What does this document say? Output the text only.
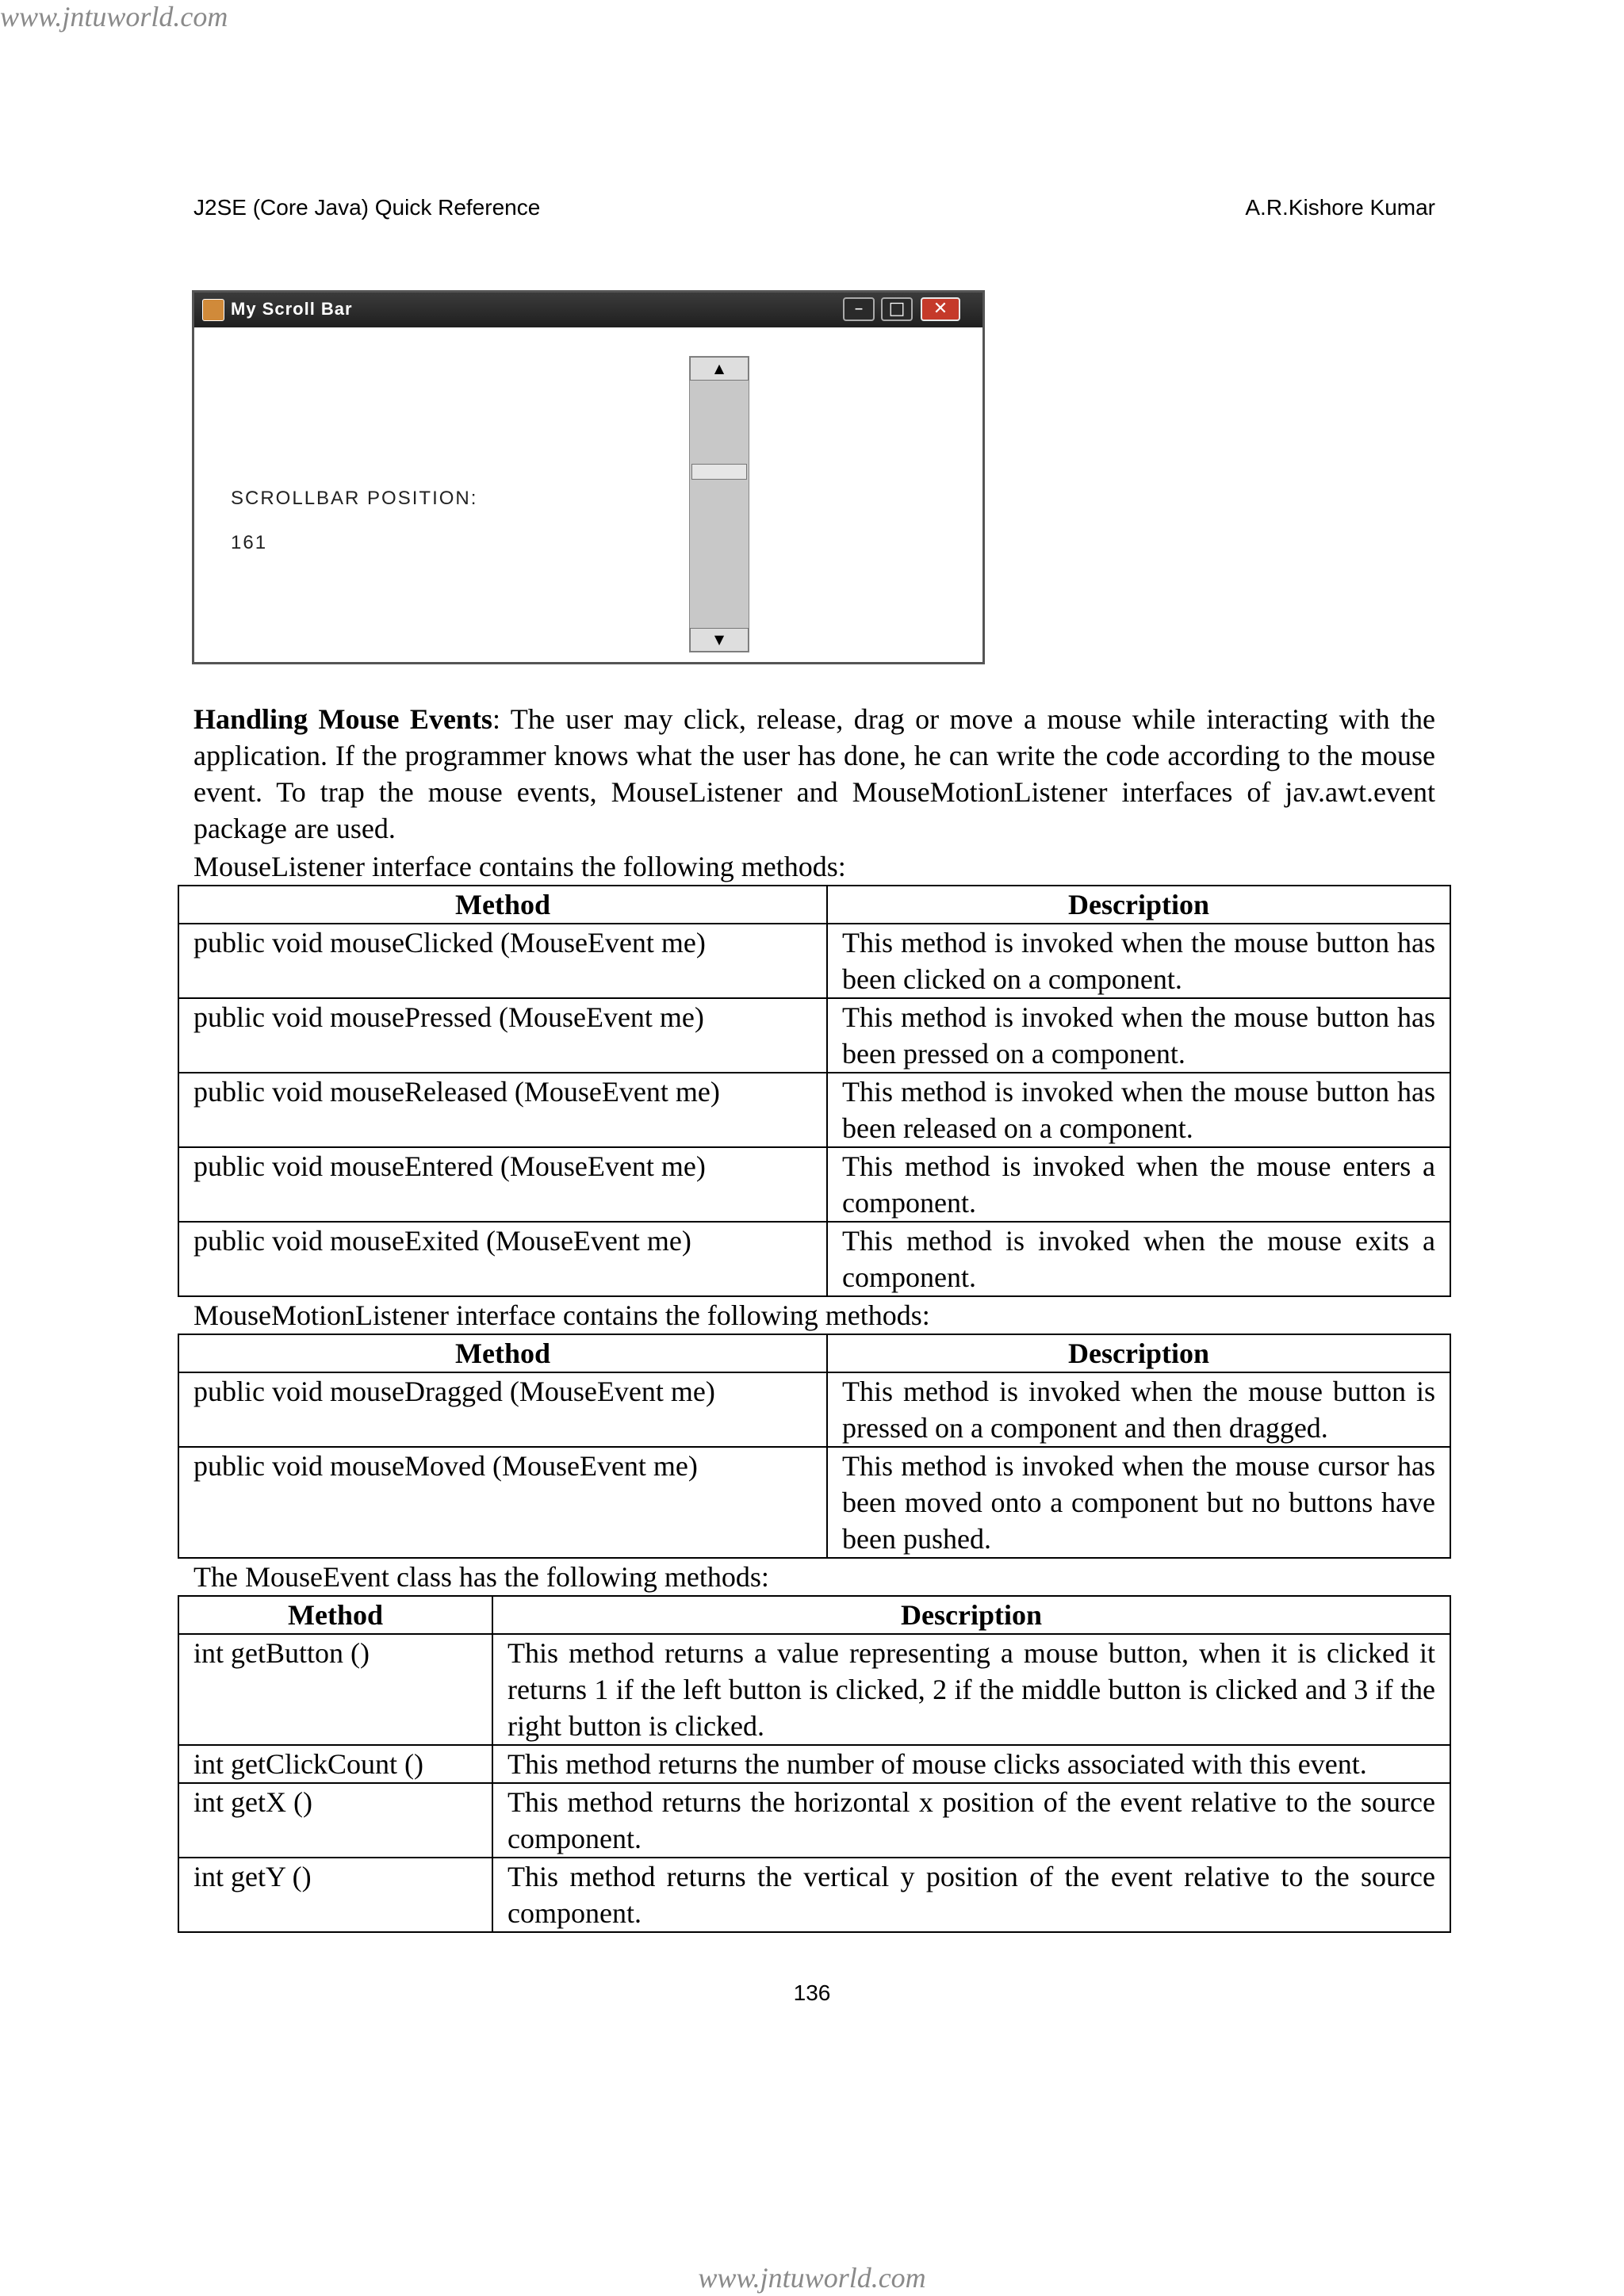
www.jntuworld.com
J2SE (Core Java) Quick Reference	A.R.Kishore Kumar
My Scroll Bar	–	□	✕
SCROLLBAR POSITION:
161
▲
▼
Handling Mouse Events: The user may click, release, drag or move a mouse while interacting with the application. If the programmer knows what the user has done, he can write the code according to the mouse event. To trap the mouse events, MouseListener and MouseMotionListener interfaces of jav.awt.event package are used.
MouseListener interface contains the following methods:
Method	Description
public void mouseClicked (MouseEvent me)	This method is invoked when the mouse button has been clicked on a component.
public void mousePressed (MouseEvent me)	This method is invoked when the mouse button has been pressed on a component.
public void mouseReleased (MouseEvent me)	This method is invoked when the mouse button has been released on a component.
public void mouseEntered (MouseEvent me)	This method is invoked when the mouse enters a component.
public void mouseExited (MouseEvent me)	This method is invoked when the mouse exits a component.
MouseMotionListener interface contains the following methods:
Method	Description
public void mouseDragged (MouseEvent me)	This method is invoked when the mouse button is pressed on a component and then dragged.
public void mouseMoved (MouseEvent me)	This method is invoked when the mouse cursor has been moved onto a component but no buttons have been pushed.
The MouseEvent class has the following methods:
Method	Description
int getButton ()	This method returns a value representing a mouse button, when it is clicked it returns 1 if the left button is clicked, 2 if the middle button is clicked and 3 if the right button is clicked.
int getClickCount ()	This method returns the number of mouse clicks associated with this event.
int getX ()	This method returns the horizontal x position of the event relative to the source component.
int getY ()	This method returns the vertical y position of the event relative to the source component.
136
www.jntuworld.com
